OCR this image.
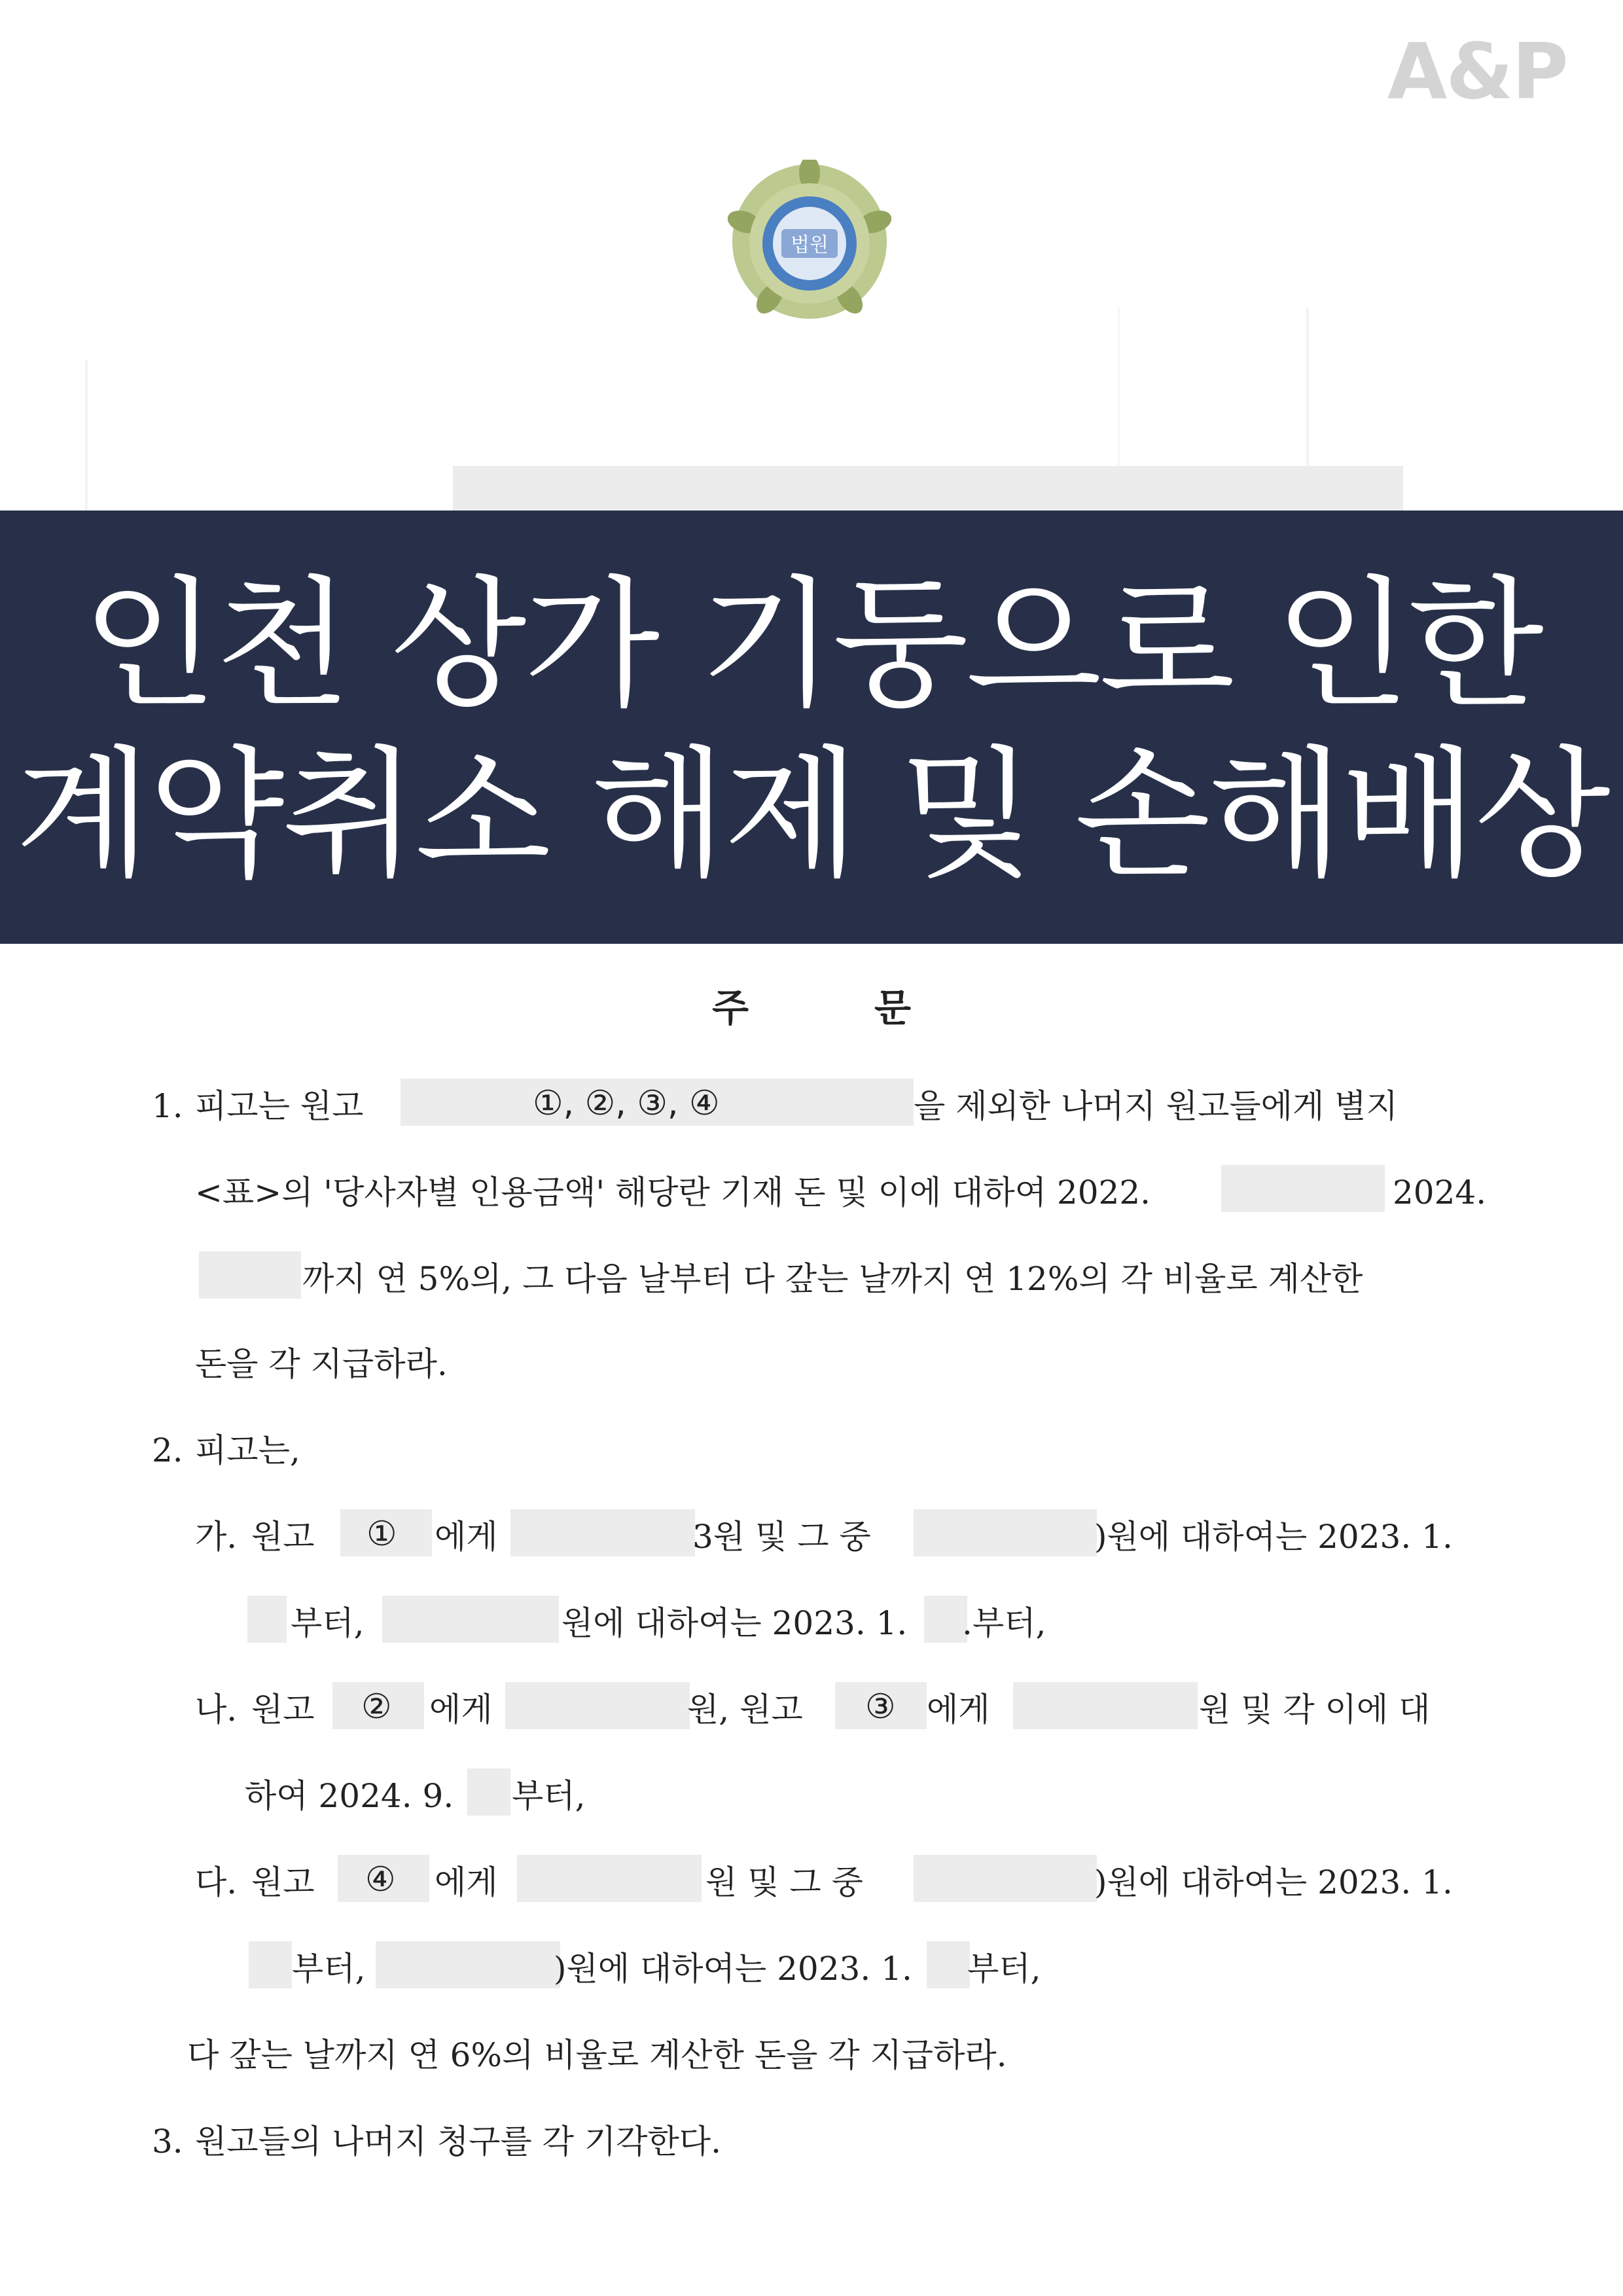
A&P
법원
인천 상가 기둥으로 인한
계약취소 해제 및 손해배상
주	문
1. 피고는 원고	①, ②, ③, ④	을 제외한 나머지 원고들에게 별지
<표>의 '당사자별 인용금액' 해당란 기재 돈 및 이에 대하여 2022.	2024.
까지 연 5%의, 그 다음 날부터 다 갚는 날까지 연 12%의 각 비율로 계산한
돈을 각 지급하라.
2. 피고는,
가. 원고 ① 에게	3원 및 그 중	)원에 대하여는 2023. 1.
부터,	원에 대하여는 2023. 1. .부터,
나. 원고 ② 에게	원, 원고 ③ 에게	원 및 각 이에 대
하여 2024. 9. 부터,
다. 원고 ④ 에게	원 및 그 중	)원에 대하여는 2023. 1.
부터,	)원에 대하여는 2023. 1. 부터,
다 갚는 날까지 연 6%의 비율로 계산한 돈을 각 지급하라.
3. 원고들의 나머지 청구를 각 기각한다.
